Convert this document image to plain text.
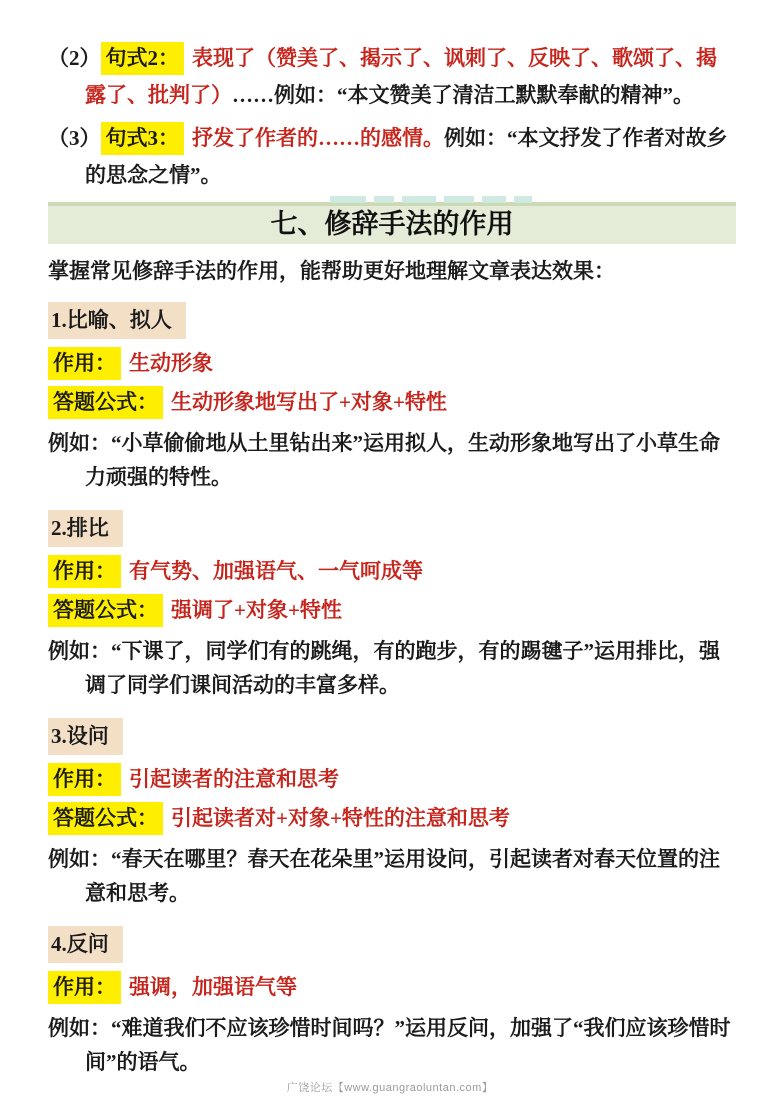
（2） 句式2： 表现了（赞美了、揭示了、讽刺了、反映了、歌颂了、揭露了、批判了）……例如：“本文赞美了清洁工默默奉献的精神”。

（3） 句式3： 抒发了作者的……的感情。例如：“本文抒发了作者对故乡的思念之情”。

七、修辞手法的作用

掌握常见修辞手法的作用，能帮助更好地理解文章表达效果：

1.比喻、拟人
作用： 生动形象
答题公式： 生动形象地写出了+对象+特性

例如：“小草偷偷地从土里钻出来”运用拟人，生动形象地写出了小草生命力顽强的特性。

2.排比
作用： 有气势、加强语气、一气呵成等
答题公式： 强调了+对象+特性

例如：“下课了，同学们有的跳绳，有的跑步，有的踢毽子”运用排比，强调了同学们课间活动的丰富多样。

3.设问
作用： 引起读者的注意和思考
答题公式： 引起读者对+对象+特性的注意和思考

例如：“春天在哪里？春天在花朵里”运用设问，引起读者对春天位置的注意和思考。

4.反问
作用： 强调，加强语气等

例如：“难道我们不应该珍惜时间吗？”运用反问，加强了“我们应该珍惜时间”的语气。

广饶论坛【www.guangraoluntan.com】
